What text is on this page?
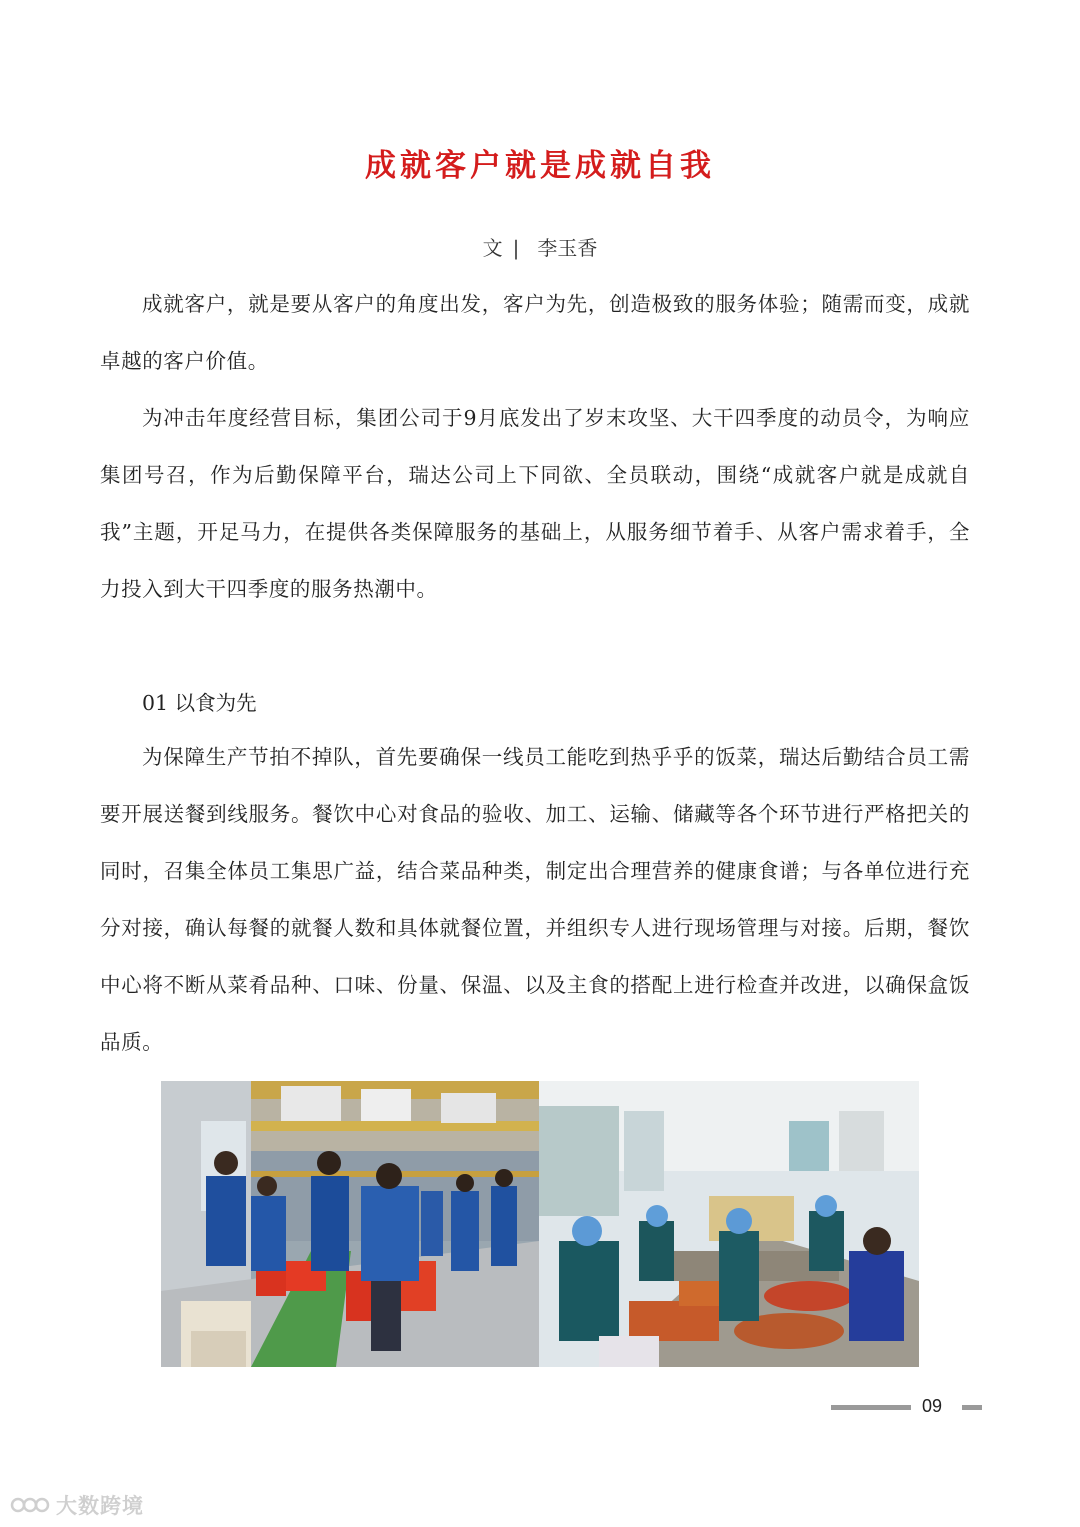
成就客户就是成就自我
文 | 李玉香

成就客户，就是要从客户的角度出发，客户为先，创造极致的服务体验；随需而变，成就卓越的客户价值。

为冲击年度经营目标，集团公司于9月底发出了岁末攻坚、大干四季度的动员令，为响应集团号召，作为后勤保障平台，瑞达公司上下同欲、全员联动，围绕“成就客户就是成就自我”主题，开足马力，在提供各类保障服务的基础上，从服务细节着手、从客户需求着手，全力投入到大干四季度的服务热潮中。

01 以食为先

为保障生产节拍不掉队，首先要确保一线员工能吃到热乎乎的饭菜，瑞达后勤结合员工需要开展送餐到线服务。餐饮中心对食品的验收、加工、运输、储藏等各个环节进行严格把关的同时，召集全体员工集思广益，结合菜品种类，制定出合理营养的健康食谱；与各单位进行充分对接，确认每餐的就餐人数和具体就餐位置，并组织专人进行现场管理与对接。后期，餐饮中心将不断从菜肴品种、口味、份量、保温、以及主食的搭配上进行检查并改进，以确保盒饭品质。

09
大数跨境
